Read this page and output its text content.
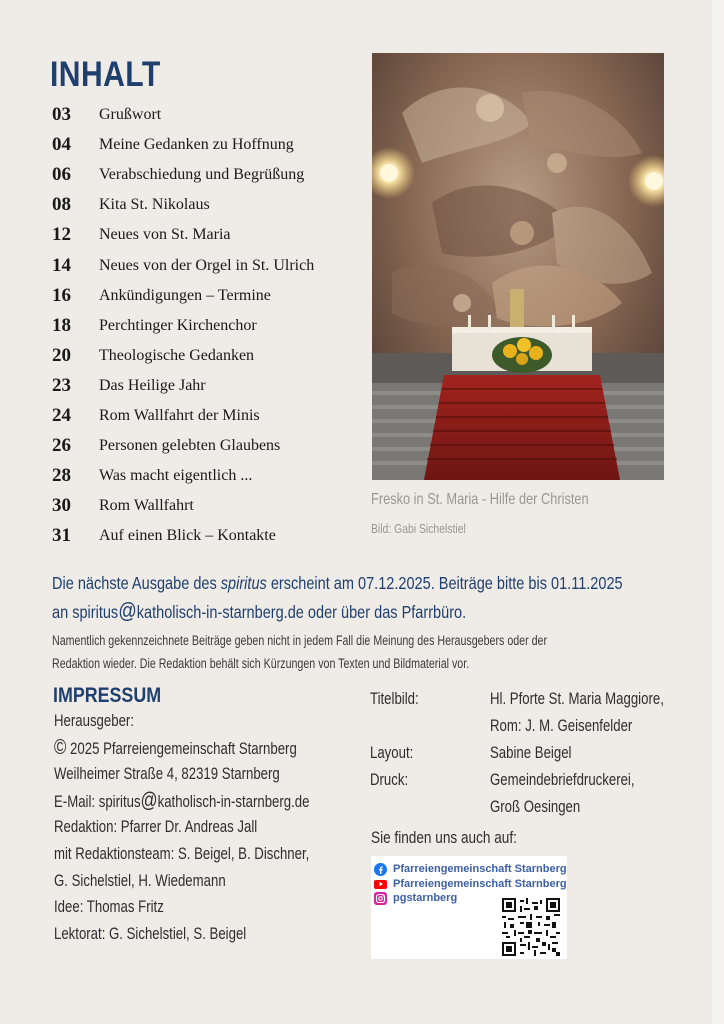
INHALT
03	Grußwort
04	Meine Gedanken zu Hoffnung
06	Verabschiedung und Begrüßung
08	Kita St. Nikolaus
12	Neues von St. Maria
14	Neues von der Orgel in St. Ulrich
16	Ankündigungen – Termine
18	Perchtinger Kirchenchor
20	Theologische Gedanken
23	Das Heilige Jahr
24	Rom Wallfahrt der Minis
26	Personen gelebten Glaubens
28	Was macht eigentlich ...
30	Rom Wallfahrt
31	Auf einen Blick – Kontakte
Fresko in St. Maria - Hilfe der Christen
Bild: Gabi Sichelstiel
Die nächste Ausgabe des spiritus erscheint am 07.12.2025. Beiträge bitte bis 01.11.2025
an spiritus@katholisch-in-starnberg.de oder über das Pfarrbüro.
Namentlich gekennzeichnete Beiträge geben nicht in jedem Fall die Meinung des Herausgebers oder der
Redaktion wieder. Die Redaktion behält sich Kürzungen von Texten und Bildmaterial vor.
IMPRESSUM
Herausgeber:
© 2025 Pfarreiengemeinschaft Starnberg
Weilheimer Straße 4, 82319 Starnberg
E-Mail: spiritus@katholisch-in-starnberg.de
Redaktion: Pfarrer Dr. Andreas Jall
mit Redaktionsteam: S. Beigel, B. Dischner,
G. Sichelstiel, H. Wiedemann
Idee: Thomas Fritz
Lektorat: G. Sichelstiel, S. Beigel
Titelbild:	Hl. Pforte St. Maria Maggiore,
Rom: J. M. Geisenfelder
Layout:	Sabine Beigel
Druck:	Gemeindebriefdruckerei,
Groß Oesingen
Sie finden uns auch auf:
Pfarreiengemeinschaft Starnberg
Pfarreiengemeinschaft Starnberg
pgstarnberg
